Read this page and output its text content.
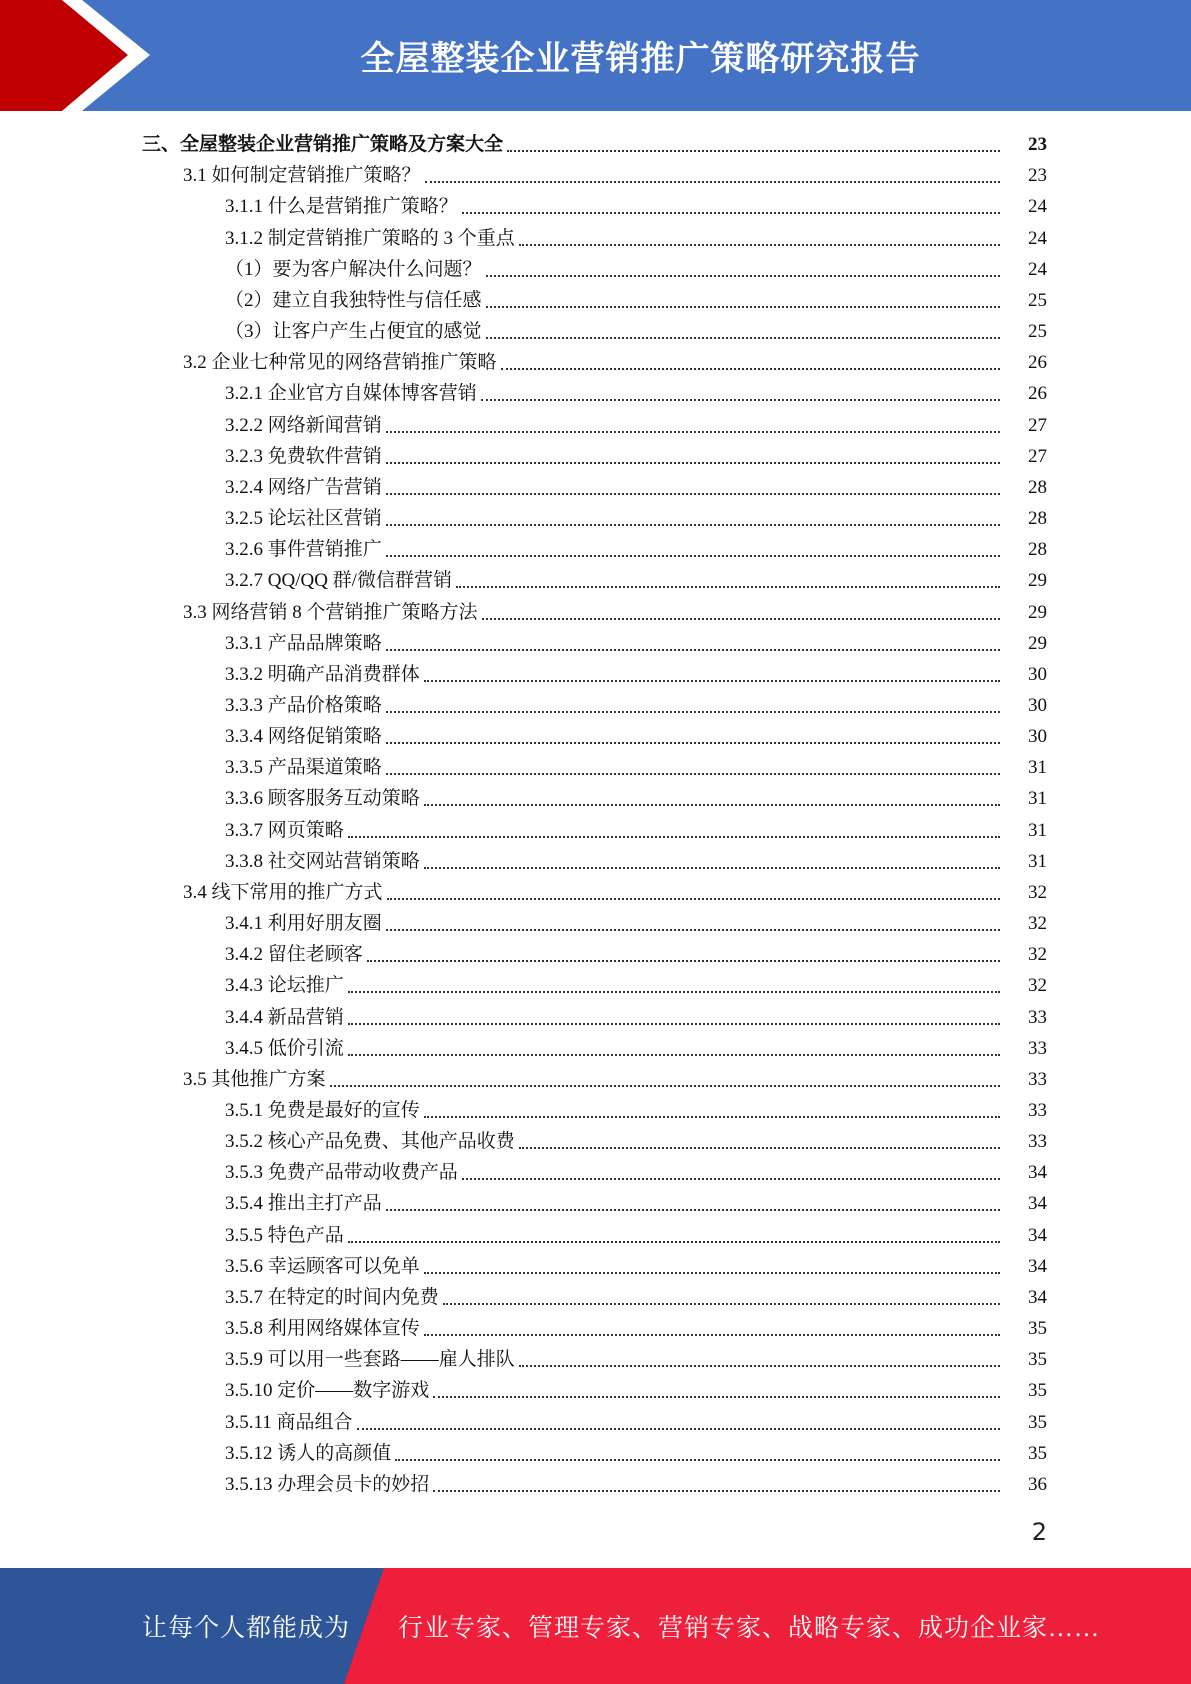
全屋整装企业营销推广策略研究报告
三、全屋整装企业营销推广策略及方案大全	23
3.1 如何制定营销推广策略？	23
3.1.1 什么是营销推广策略？	24
3.1.2 制定营销推广策略的 3 个重点	24
（1）要为客户解决什么问题？	24
（2）建立自我独特性与信任感	25
（3）让客户产生占便宜的感觉	25
3.2 企业七种常见的网络营销推广策略	26
3.2.1 企业官方自媒体博客营销	26
3.2.2 网络新闻营销	27
3.2.3 免费软件营销	27
3.2.4 网络广告营销	28
3.2.5 论坛社区营销	28
3.2.6 事件营销推广	28
3.2.7 QQ/QQ 群/微信群营销	29
3.3 网络营销 8 个营销推广策略方法	29
3.3.1 产品品牌策略	29
3.3.2 明确产品消费群体	30
3.3.3 产品价格策略	30
3.3.4 网络促销策略	30
3.3.5 产品渠道策略	31
3.3.6 顾客服务互动策略	31
3.3.7 网页策略	31
3.3.8 社交网站营销策略	31
3.4 线下常用的推广方式	32
3.4.1 利用好朋友圈	32
3.4.2 留住老顾客	32
3.4.3 论坛推广	32
3.4.4 新品营销	33
3.4.5 低价引流	33
3.5 其他推广方案	33
3.5.1 免费是最好的宣传	33
3.5.2 核心产品免费、其他产品收费	33
3.5.3 免费产品带动收费产品	34
3.5.4 推出主打产品	34
3.5.5 特色产品	34
3.5.6 幸运顾客可以免单	34
3.5.7 在特定的时间内免费	34
3.5.8 利用网络媒体宣传	35
3.5.9 可以用一些套路——雇人排队	35
3.5.10 定价——数字游戏	35
3.5.11 商品组合	35
3.5.12 诱人的高颜值	35
3.5.13 办理会员卡的妙招	36
2
让每个人都能成为 行业专家、管理专家、营销专家、战略专家、成功企业家……
